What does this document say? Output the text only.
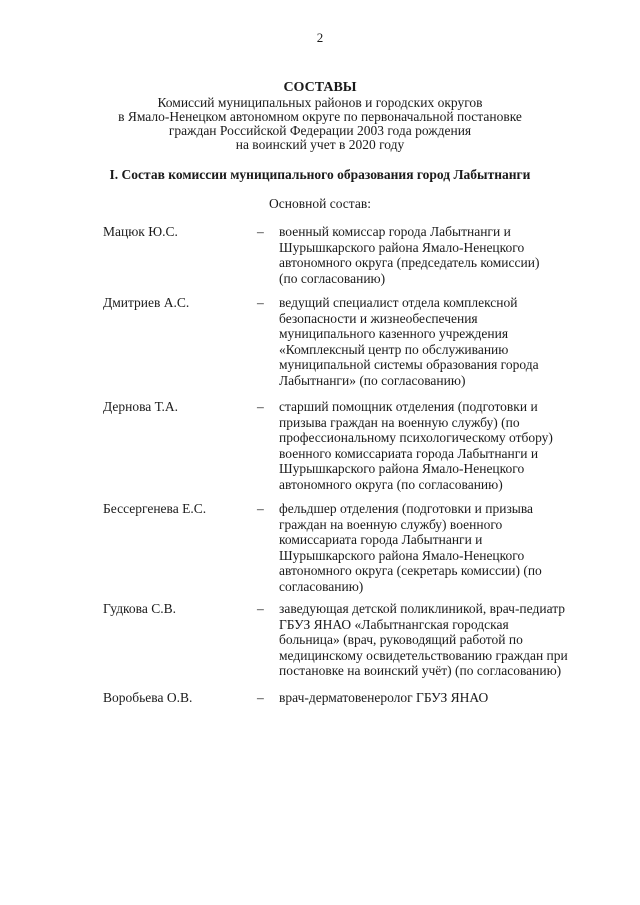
2
СОСТАВЫ
Комиссий муниципальных районов и городских округов
в Ямало-Ненецком автономном округе по первоначальной постановке
граждан Российской Федерации 2003 года рождения
на воинский учет в 2020 году
I. Состав комиссии муниципального образования город Лабытнанги
Основной состав:
Мацюк Ю.С.	– военный комиссар города Лабытнанги и
Шурышкарского района Ямало-Ненецкого
автономного округа (председатель комиссии)
(по согласованию)
Дмитриев А.С.	– ведущий специалист отдела комплексной
безопасности и жизнеобеспечения
муниципального казенного учреждения
«Комплексный центр по обслуживанию
муниципальной системы образования города
Лабытнанги» (по согласованию)
Дернова Т.А.	– старший помощник отделения (подготовки и
призыва граждан на военную службу) (по
профессиональному психологическому отбору)
военного комиссариата города Лабытнанги и
Шурышкарского района Ямало-Ненецкого
автономного округа (по согласованию)
Бессергенева Е.С.	– фельдшер отделения (подготовки и призыва
граждан на военную службу) военного
комиссариата города Лабытнанги и
Шурышкарского района Ямало-Ненецкого
автономного округа (секретарь комиссии) (по
согласованию)
Гудкова С.В.	– заведующая детской поликлиникой, врач-педиатр
ГБУЗ ЯНАО «Лабытнангская городская
больница» (врач, руководящий работой по
медицинскому освидетельствованию граждан при
постановке на воинский учёт) (по согласованию)
Воробьева О.В.	– врач-дерматовенеролог ГБУЗ ЯНАО
